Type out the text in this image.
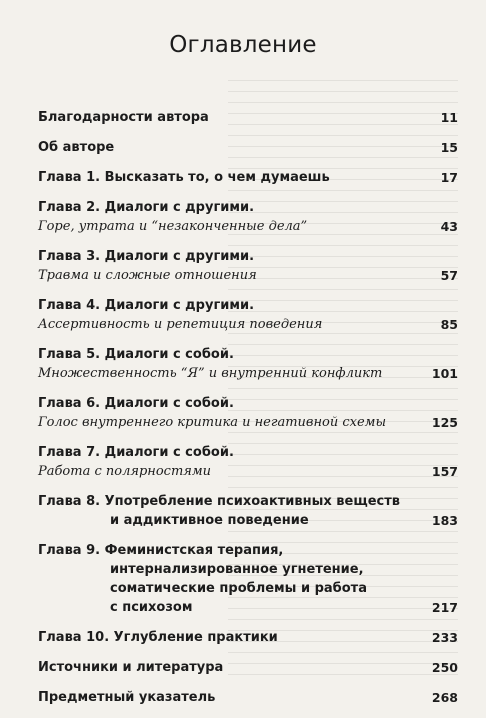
Оглавление
Благодарности автора	11
Об авторе	15
Глава 1. Высказать то, о чем думаешь	17
Глава 2. Диалоги с другими.
Горе, утрата и “незаконченные дела”	43
Глава 3. Диалоги с другими.
Травма и сложные отношения	57
Глава 4. Диалоги с другими.
Ассертивность и репетиция поведения	85
Глава 5. Диалоги с собой.
Множественность “Я” и внутренний конфликт	101
Глава 6. Диалоги с собой.
Голос внутреннего критика и негативной схемы	125
Глава 7. Диалоги с собой.
Работа с полярностями	157
Глава 8. Употребление психоактивных веществ
и аддиктивное поведение	183
Глава 9. Феминистская терапия,
интернализированное угнетение,
соматические проблемы и работа
с психозом	217
Глава 10. Углубление практики	233
Источники и литература	250
Предметный указатель	268
